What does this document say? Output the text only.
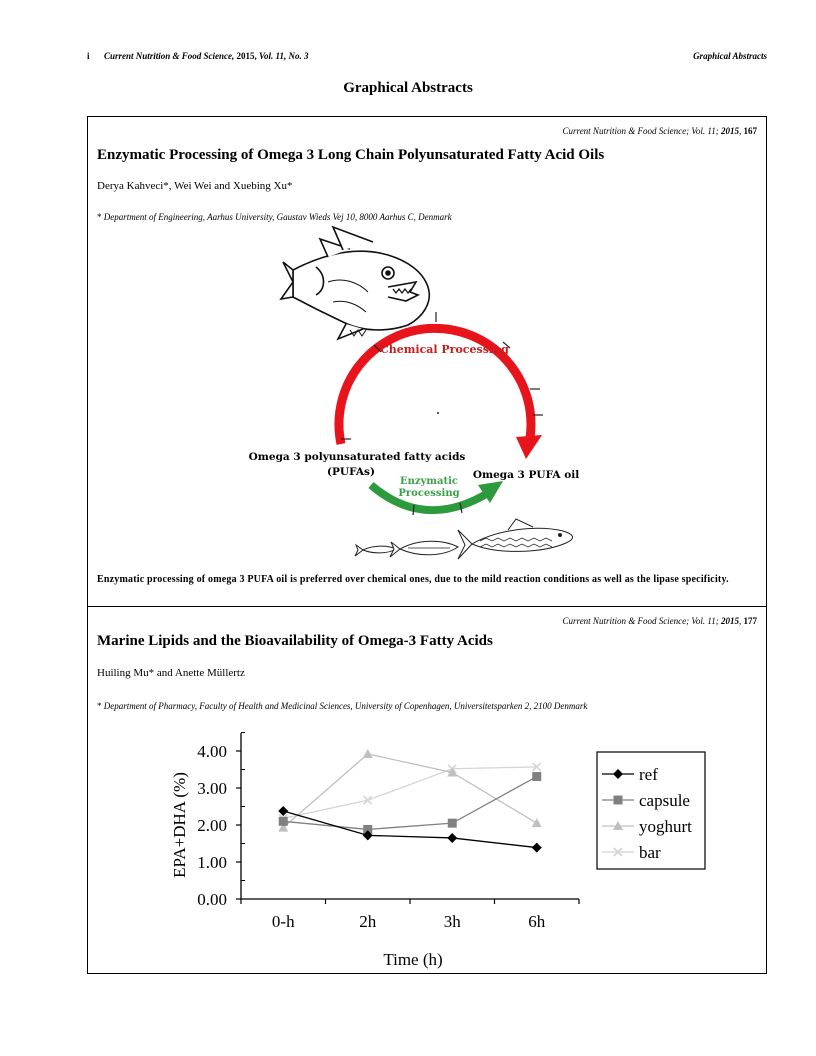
i Current Nutrition & Food Science, 2015, Vol. 11, No. 3	Graphical Abstracts
Graphical Abstracts
Current Nutrition & Food Science; Vol. 11; 2015, 167
Enzymatic Processing of Omega 3 Long Chain Polyunsaturated Fatty Acid Oils
Derya Kahveci*, Wei Wei and Xuebing Xu*
* Department of Engineering, Aarhus University, Gaustav Wieds Vej 10, 8000 Aarhus C, Denmark
Chemical Processing
Enzymatic
Processing
Omega 3 polyunsaturated fatty acids
(PUFAs)	Omega 3 PUFA oil
Enzymatic processing of omega 3 PUFA oil is preferred over chemical ones, due to the mild reaction conditions as well as the lipase specificity.
Current Nutrition & Food Science; Vol. 11; 2015, 177
Marine Lipids and the Bioavailability of Omega-3 Fatty Acids
Huiling Mu* and Anette Müllertz
* Department of Pharmacy, Faculty of Health and Medicinal Sciences, University of Copenhagen, Universitetsparken 2, 2100 Denmark
0.00
1.00
2.00
3.00
4.00
0-h	2h	3h	6h
EPA+DHA (%)
Time (h)
ref
capsule
yoghurt
bar
